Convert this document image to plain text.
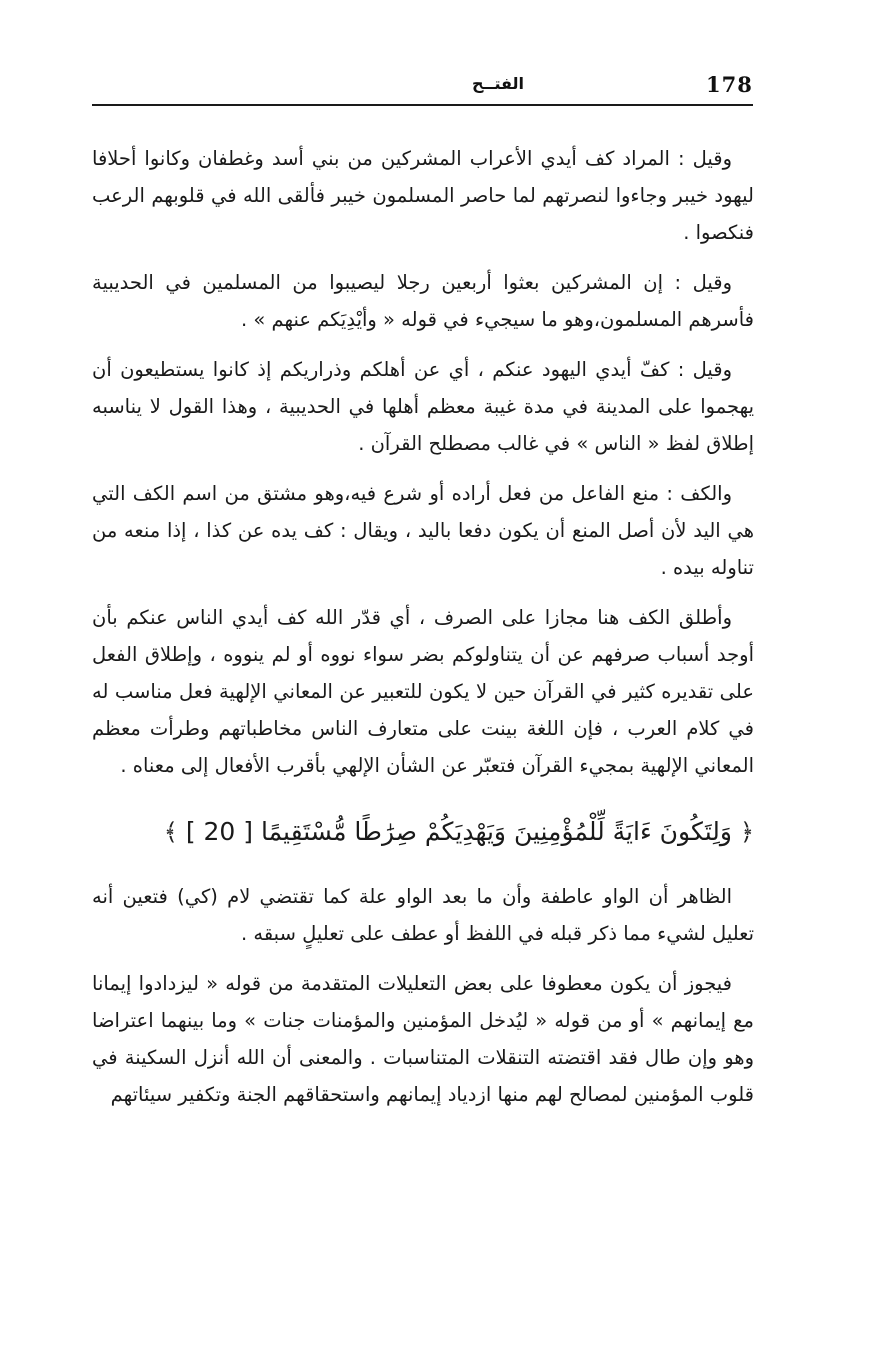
178
الفتــح

وقيل : المراد كف أيدي الأعراب المشركين من بني أسد وغطفان وكانوا أحلافا ليهود خيبر وجاءوا لنصرتهم لما حاصر المسلمون خيبر فألقى الله في قلوبهم الرعب فنكصوا .

وقيل : إن المشركين بعثوا أربعين رجلا ليصيبوا من المسلمين في الحديبية فأسرهم المسلمون،وهو ما سيجيء في قوله « وأيْدِيَكم عنهم » .

وقيل : كفّ أيدي اليهود عنكم ، أي عن أهلكم وذراريكم إذ كانوا يستطيعون أن يهجموا على المدينة في مدة غيبة معظم أهلها في الحديبية ، وهذا القول لا يناسبه إطلاق لفظ « الناس » في غالب مصطلح القرآن .

والكف : منع الفاعل من فعل أراده أو شرع فيه،وهو مشتق من اسم الكف التي هي اليد لأن أصل المنع أن يكون دفعا باليد ، ويقال : كف يده عن كذا ، إذا منعه من تناوله بيده .

وأطلق الكف هنا مجازا على الصرف ، أي قدّر الله كف أيدي الناس عنكم بأن أوجد أسباب صرفهم عن أن يتناولوكم بضر سواء نووه أو لم ينووه ، وإطلاق الفعل على تقديره كثير في القرآن حين لا يكون للتعبير عن المعاني الإلهية فعل مناسب له في كلام العرب ، فإن اللغة بينت على متعارف الناس مخاطباتهم وطرأت معظم المعاني الإلهية بمجيء القرآن فتعبّر عن الشأن الإلهي بأقرب الأفعال إلى معناه .

﴿ وَلِتَكُونَ ءَايَةً لِّلْمُؤْمِنِينَ وَيَهْدِيَكُمْ صِرَٰطًا مُّسْتَقِيمًا [ 20 ] ﴾

الظاهر أن الواو عاطفة وأن ما بعد الواو علة كما تقتضي لام (كي) فتعين أنه تعليل لشيء مما ذكر قبله في اللفظ أو عطف على تعليلٍ سبقه .

فيجوز أن يكون معطوفا على بعض التعليلات المتقدمة من قوله « ليزدادوا إيمانا مع إيمانهم » أو من قوله « ليُدخل المؤمنين والمؤمنات جنات » وما بينهما اعتراضا وهو وإن طال فقد اقتضته التنقلات المتناسبات . والمعنى أن الله أنزل السكينة في قلوب المؤمنين لمصالح لهم منها ازدياد إيمانهم واستحقاقهم الجنة وتكفير سيئاتهم
